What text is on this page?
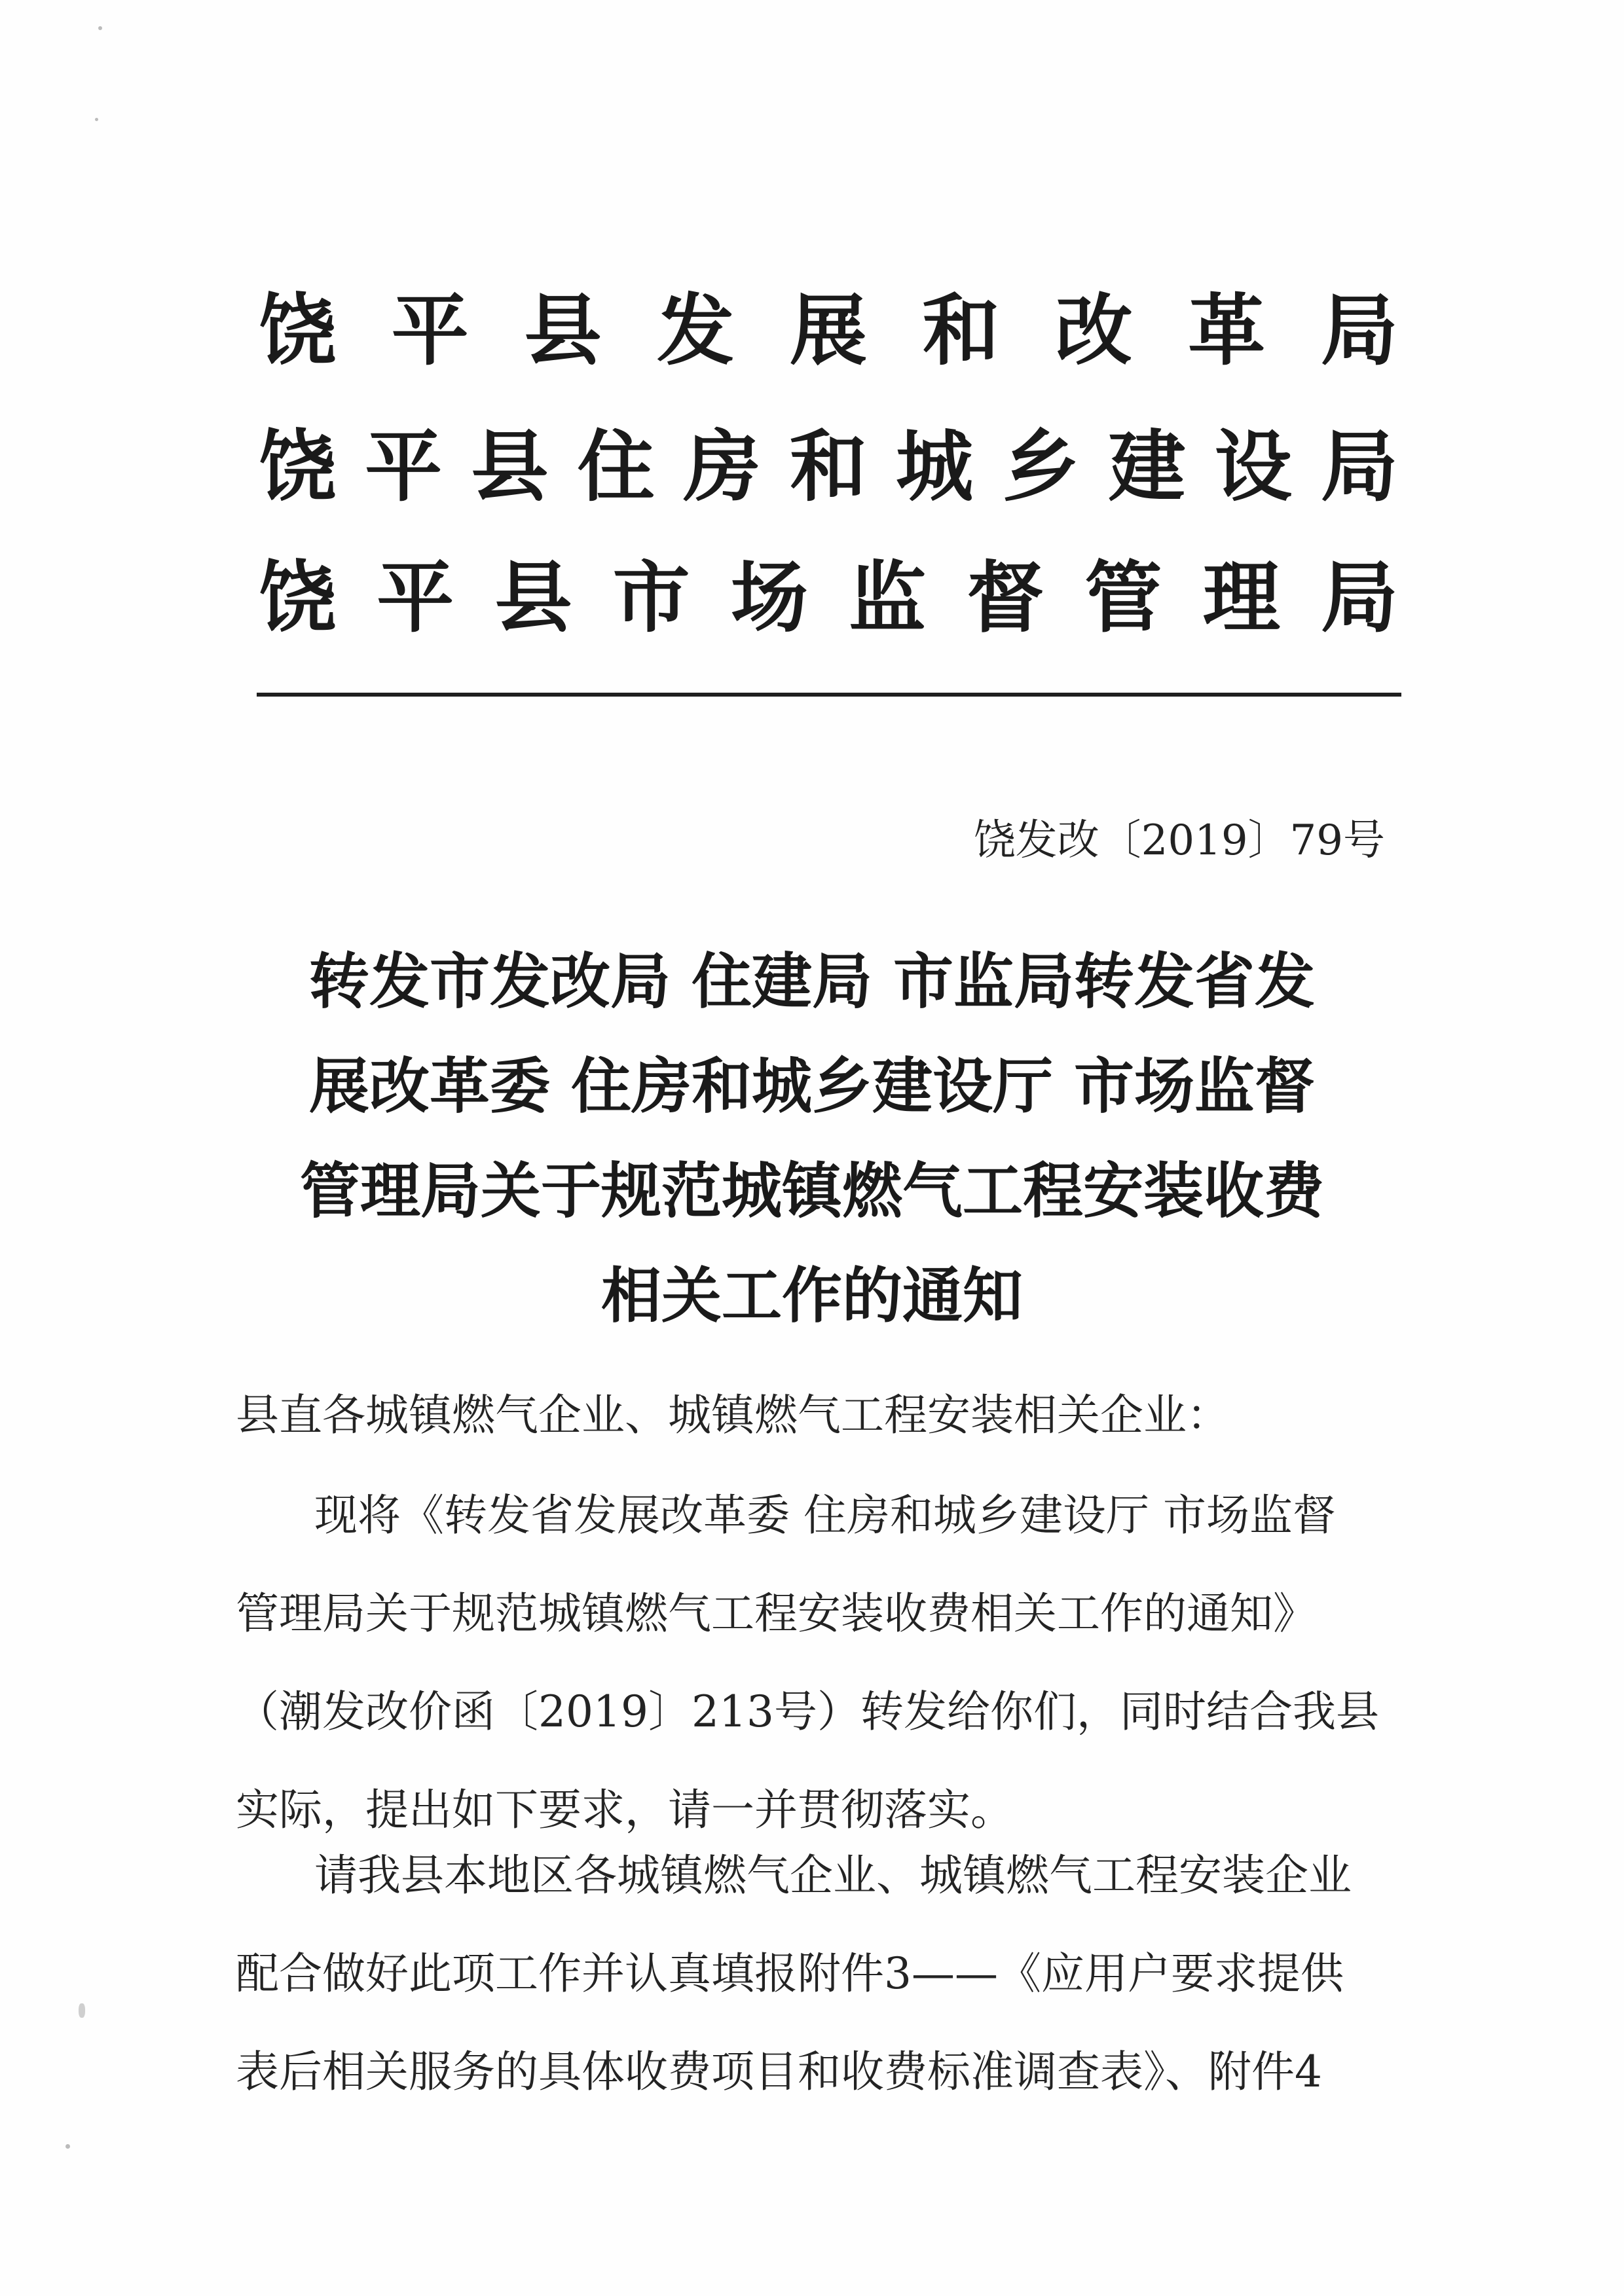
饶 平 县 发 展 和 改 革 局
饶 平 县 住 房 和 城 乡 建 设 局
饶 平 县 市 场 监 督 管 理 局
饶发改〔2019〕79号
转发市发改局 住建局 市监局转发省发
展改革委 住房和城乡建设厅 市场监督
管理局关于规范城镇燃气工程安装收费
相关工作的通知
县直各城镇燃气企业、城镇燃气工程安装相关企业：
现将《转发省发展改革委 住房和城乡建设厅 市场监督
管理局关于规范城镇燃气工程安装收费相关工作的通知》
（潮发改价函〔2019〕213号）转发给你们，同时结合我县
实际，提出如下要求，请一并贯彻落实。
请我县本地区各城镇燃气企业、城镇燃气工程安装企业
配合做好此项工作并认真填报附件3——《应用户要求提供
表后相关服务的具体收费项目和收费标准调查表》、附件4
